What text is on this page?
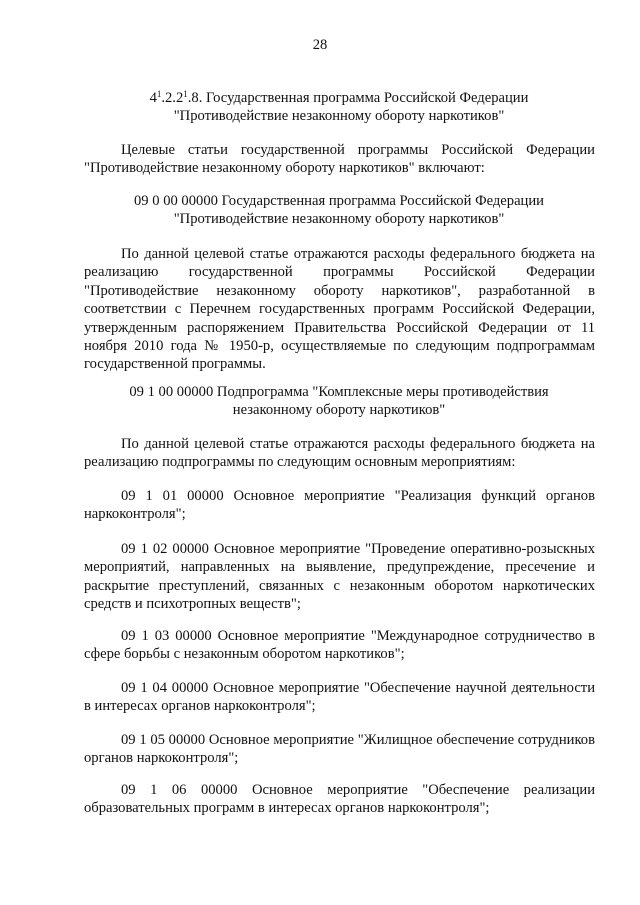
28
$4^1.2.2^1.8$. Государственная программа Российской Федерации
"Противодействие незаконному обороту наркотиков"
Целевые статьи государственной программы Российской Федерации "Противодействие незаконному обороту наркотиков" включают:
09 0 00 00000 Государственная программа Российской Федерации
"Противодействие незаконному обороту наркотиков"
По данной целевой статье отражаются расходы федерального бюджета на реализацию государственной программы Российской Федерации "Противодействие незаконному обороту наркотиков", разработанной в соответствии с Перечнем государственных программ Российской Федерации, утвержденным распоряжением Правительства Российской Федерации от 11 ноября 2010 года № 1950-р, осуществляемые по следующим подпрограммам государственной программы.
09 1 00 00000 Подпрограмма "Комплексные меры противодействия
незаконному обороту наркотиков"
По данной целевой статье отражаются расходы федерального бюджета на реализацию подпрограммы по следующим основным мероприятиям:
09 1 01 00000 Основное мероприятие "Реализация функций органов наркоконтроля";
09 1 02 00000 Основное мероприятие "Проведение оперативно-розыскных мероприятий, направленных на выявление, предупреждение, пресечение и раскрытие преступлений, связанных с незаконным оборотом наркотических средств и психотропных веществ";
09 1 03 00000 Основное мероприятие "Международное сотрудничество в сфере борьбы с незаконным оборотом наркотиков";
09 1 04 00000 Основное мероприятие "Обеспечение научной деятельности в интересах органов наркоконтроля";
09 1 05 00000 Основное мероприятие "Жилищное обеспечение сотрудников органов наркоконтроля";
09 1 06 00000 Основное мероприятие "Обеспечение реализации образовательных программ в интересах органов наркоконтроля";
